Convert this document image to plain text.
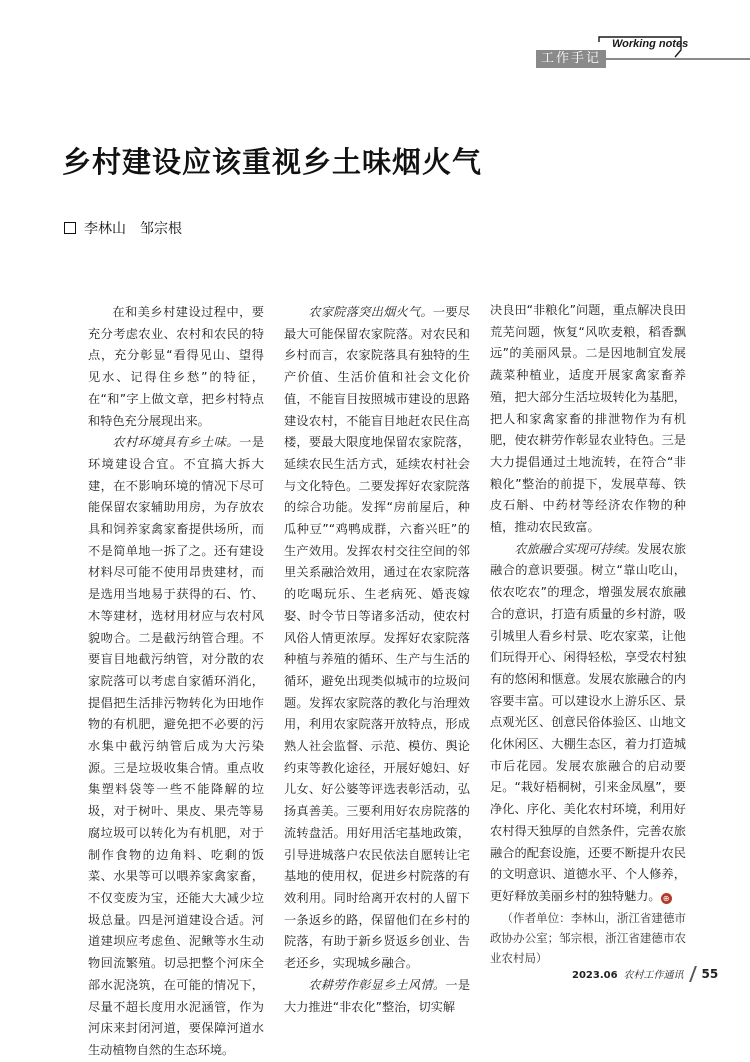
Working notes
工作手记
乡村建设应该重视乡土味烟火气
李林山 邹宗根

在和美乡村建设过程中，要充分考虑农业、农村和农民的特点，充分彰显“看得见山、望得见水、记得住乡愁”的特征，在“和”字上做文章，把乡村特点和特色充分展现出来。

农村环境具有乡土味。一是环境建设合宜。不宜搞大拆大建，在不影响环境的情况下尽可能保留农家辅助用房，为存放农具和饲养家禽家畜提供场所，而不是简单地一拆了之。还有建设材料尽可能不使用昂贵建材，而是选用当地易于获得的石、竹、木等建材，选材用材应与农村风貌吻合。二是截污纳管合理。不要盲目地截污纳管，对分散的农家院落可以考虑自家循环消化，提倡把生活排污物转化为田地作物的有机肥，避免把不必要的污水集中截污纳管后成为大污染源。三是垃圾收集合情。重点收集塑料袋等一些不能降解的垃圾，对于树叶、果皮、果壳等易腐垃圾可以转化为有机肥，对于制作食物的边角料、吃剩的饭菜、水果等可以喂养家禽家畜，不仅变废为宝，还能大大减少垃圾总量。四是河道建设合适。河道建坝应考虑鱼、泥鳅等水生动物回流繁殖。切忌把整个河床全部水泥浇筑，在可能的情况下，尽量不超长度用水泥涵管，作为河床来封闭河道，要保障河道水生动植物自然的生态环境。

农家院落突出烟火气。一要尽最大可能保留农家院落。对农民和乡村而言，农家院落具有独特的生产价值、生活价值和社会文化价值，不能盲目按照城市建设的思路建设农村，不能盲目地赶农民住高楼，要最大限度地保留农家院落，延续农民生活方式，延续农村社会与文化特色。二要发挥好农家院落的综合功能。发挥“房前屋后，种瓜种豆”“鸡鸭成群，六畜兴旺”的生产效用。发挥农村交往空间的邻里关系融洽效用，通过在农家院落的吃喝玩乐、生老病死、婚丧嫁娶、时令节日等诸多活动，使农村风俗人情更浓厚。发挥好农家院落种植与养殖的循环、生产与生活的循环，避免出现类似城市的垃圾问题。发挥农家院落的教化与治理效用，利用农家院落开放特点，形成熟人社会监督、示范、模仿、舆论约束等教化途径，开展好媳妇、好儿女、好公婆等评选表彰活动，弘扬真善美。三要利用好农房院落的流转盘活。用好用活宅基地政策，引导进城落户农民依法自愿转让宅基地的使用权，促进乡村院落的有效利用。同时给离开农村的人留下一条返乡的路，保留他们在乡村的院落，有助于新乡贤返乡创业、告老还乡，实现城乡融合。

农耕劳作彰显乡土风情。一是大力推进“非农化”整治，切实解

决良田“非粮化”问题，重点解决良田荒芜问题，恢复“风吹麦粮，稻香飘远”的美丽风景。二是因地制宜发展蔬菜种植业，适度开展家禽家畜养殖，把大部分生活垃圾转化为基肥，把人和家禽家畜的排泄物作为有机肥，使农耕劳作彰显农业特色。三是大力提倡通过土地流转，在符合“非粮化”整治的前提下，发展草莓、铁皮石斛、中药材等经济农作物的种植，推动农民致富。

农旅融合实现可持续。发展农旅融合的意识要强。树立“靠山吃山，依农吃农”的理念，增强发展农旅融合的意识，打造有质量的乡村游，吸引城里人看乡村景、吃农家菜，让他们玩得开心、闲得轻松，享受农村独有的悠闲和惬意。发展农旅融合的内容要丰富。可以建设水上游乐区、景点观光区、创意民俗体验区、山地文化休闲区、大棚生态区，着力打造城市后花园。发展农旅融合的启动要足。“栽好梧桐树，引来金凤凰”，要净化、序化、美化农村环境，利用好农村得天独厚的自然条件，完善农旅融合的配套设施，还要不断提升农民的文明意识、道德水平、个人修养，更好释放美丽乡村的独特魅力。 ⊕

（作者单位：李林山，浙江省建德市政协办公室；邹宗根，浙江省建德市农业农村局）

2023.06 农村工作通讯 55
